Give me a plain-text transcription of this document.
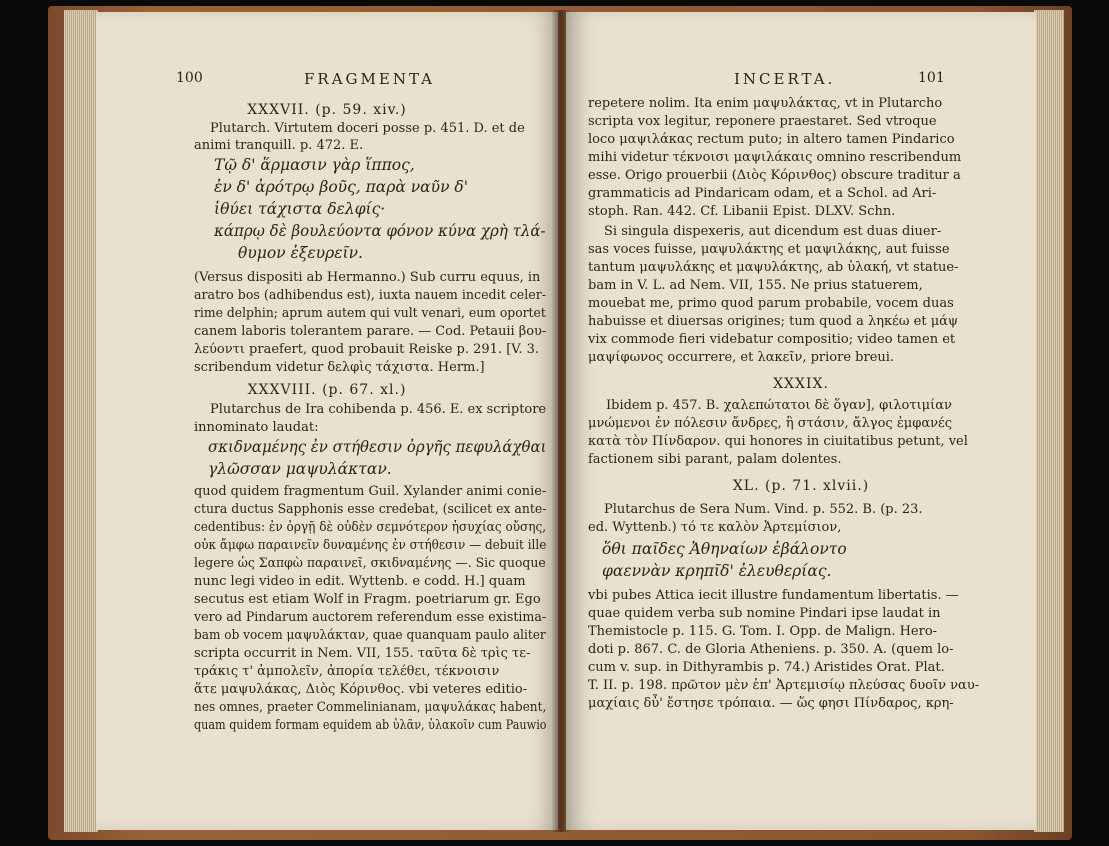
100	FRAGMENTA
XXXVII. (p. 59. xiv.)
Plutarch. Virtutem doceri posse p. 451. D. et de
animi tranquill. p. 472. E.
Τῷ δ' ἅρμασιν γὰρ ἵππος,
ἐν δ' ἀρότρῳ βοῦς, παρὰ ναῦν δ'
ἰθύει τάχιστα δελφίς·
κάπρῳ δὲ βουλεύοντα φόνον κύνα χρὴ τλά-
θυμον ἐξευρεῖν.
(Versus dispositi ab Hermanno.) Sub curru equus, in
aratro bos (adhibendus est), iuxta nauem incedit celer-
rime delphin; aprum autem qui vult venari, eum oportet
canem laboris tolerantem parare. — Cod. Petauii βου-
λεύοντι praefert, quod probauit Reiske p. 291. [V. 3.
scribendum videtur δελφὶς τάχιστα. Herm.]
XXXVIII. (p. 67. xl.)
Plutarchus de Ira cohibenda p. 456. E. ex scriptore
innominato laudat:
σκιδναμένης ἐν στήθεσιν ὀργῆς πεφυλάχθαι
γλῶσσαν μαψυλάκταν.
quod quidem fragmentum Guil. Xylander animi conie-
ctura ductus Sapphonis esse credebat, (scilicet ex ante-
cedentibus: ἐν ὀργῇ δὲ οὐδὲν σεμνότερον ἡσυχίας οὔσης,
οὐκ ἄμφω παραινεῖν δυναμένης ἐν στήθεσιν — debuit ille
legere ὡς Σαπφὼ παραινεῖ, σκιδναμένης —. Sic quoque
nunc legi video in edit. Wyttenb. e codd. H.] quam
secutus est etiam Wolf in Fragm. poetriarum gr. Ego
vero ad Pindarum auctorem referendum esse existima-
bam ob vocem μαψυλάκταν, quae quanquam paulo aliter
scripta occurrit in Nem. VII, 155. ταῦτα δὲ τρὶς τε-
τράκις τ' ἀμπολεῖν, ἀπορία τελέθει, τέκνοισιν
ἅτε μαψυλάκας, Διὸς Κόρινθος. vbi veteres editio-
nes omnes, praeter Commelinianam, μαψυλάκας habent,
quam quidem formam equidem ab ὑλᾶν, ὑλακοῖν cum Pauwio
INCERTA.	101
repetere nolim. Ita enim μαψυλάκτας, vt in Plutarcho
scripta vox legitur, reponere praestaret. Sed vtroque
loco μαψιλάκας rectum puto; in altero tamen Pindarico
mihi videtur τέκνοισι μαψιλάκαις omnino rescribendum
esse. Origo prouerbii (Διὸς Κόρινθος) obscure traditur a
grammaticis ad Pindaricam odam, et a Schol. ad Ari-
stoph. Ran. 442. Cf. Libanii Epist. DLXV. Schn.
Si singula dispexeris, aut dicendum est duas diuer-
sas voces fuisse, μαψυλάκτης et μαψιλάκης, aut fuisse
tantum μαψυλάκης et μαψυλάκτης, ab ὑλακή, vt statue-
bam in V. L. ad Nem. VII, 155. Ne prius statuerem,
mouebat me, primo quod parum probabile, vocem duas
habuisse et diuersas origines; tum quod a ληκέω et μάψ
vix commode fieri videbatur compositio; video tamen et
μαψίφωνος occurrere, et λακεῖν, priore breui.
XXXIX.
Ibidem p. 457. B. χαλεπώτατοι δὲ ὅγαν], φιλοτιμίαν
μνώμενοι ἐν πόλεσιν ἄνδρες, ἢ στάσιν, ἄλγος ἐμφανές
κατὰ τὸν Πίνδαρον. qui honores in ciuitatibus petunt, vel
factionem sibi parant, palam dolentes.
XL. (p. 71. xlvii.)
Plutarchus de Sera Num. Vind. p. 552. B. (p. 23.
ed. Wyttenb.) τό τε καλὸν Ἀρτεμίσιον,
ὅθι παῖδες Ἀθηναίων ἐβάλοντο
φαεννὰν κρηπῖδ' ἐλευθερίας.
vbi pubes Attica iecit illustre fundamentum libertatis. —
quae quidem verba sub nomine Pindari ipse laudat in
Themistocle p. 115. G. Tom. I. Opp. de Malign. Hero-
doti p. 867. C. de Gloria Atheniens. p. 350. A. (quem lo-
cum v. sup. in Dithyrambis p. 74.) Aristides Orat. Plat.
T. II. p. 198. πρῶτον μὲν ἐπ' Ἀρτεμισίῳ πλεύσας δυοῖν ναυ-
μαχίαις δὖ' ἔστησε τρόπαια. — ὥς φησι Πίνδαρος, κρη-
